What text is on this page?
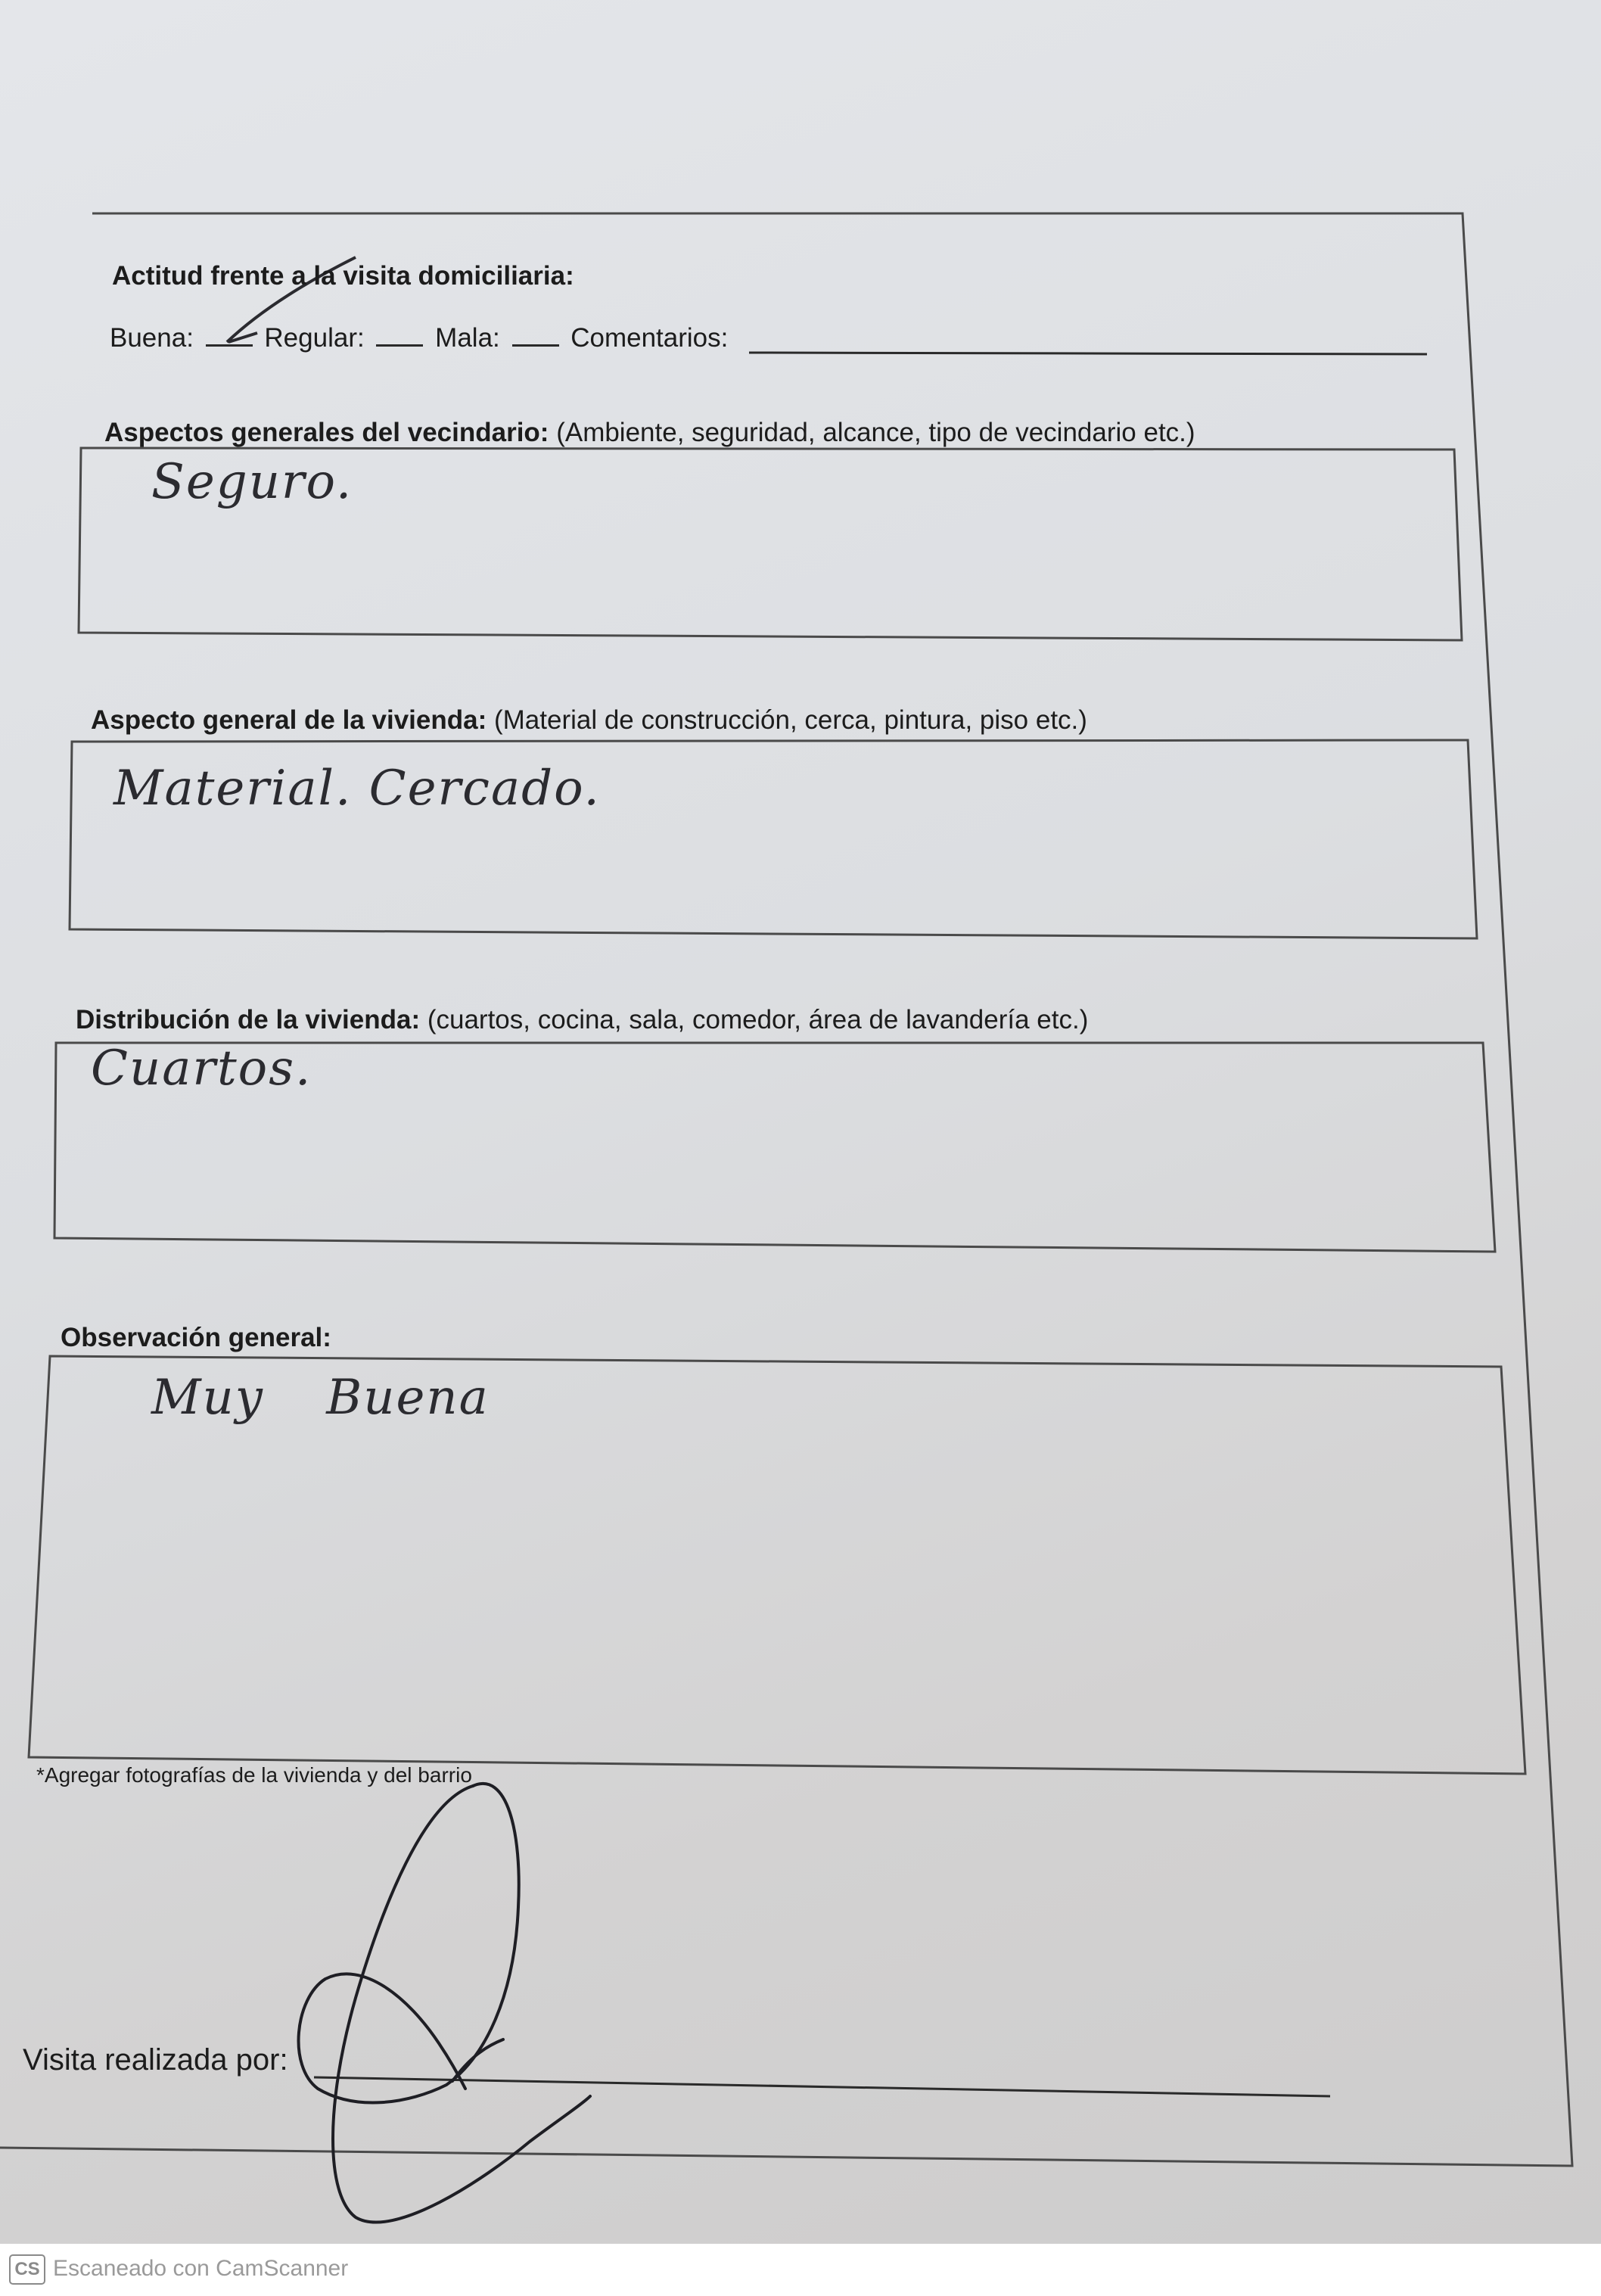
Actitud frente a la visita domiciliaria:
Buena:	Regular:	Mala:	Comentarios:
Aspectos generales del vecindario: (Ambiente, seguridad, alcance, tipo de vecindario etc.)
Seguro.
Aspecto general de la vivienda: (Material de construcción, cerca, pintura, piso etc.)
Material. Cercado.
Distribución de la vivienda: (cuartos, cocina, sala, comedor, área de lavandería etc.)
Cuartos.
Observación general:
Muy Buena
*Agregar fotografías de la vivienda y del barrio
Visita realizada por:
CS Escaneado con CamScanner
